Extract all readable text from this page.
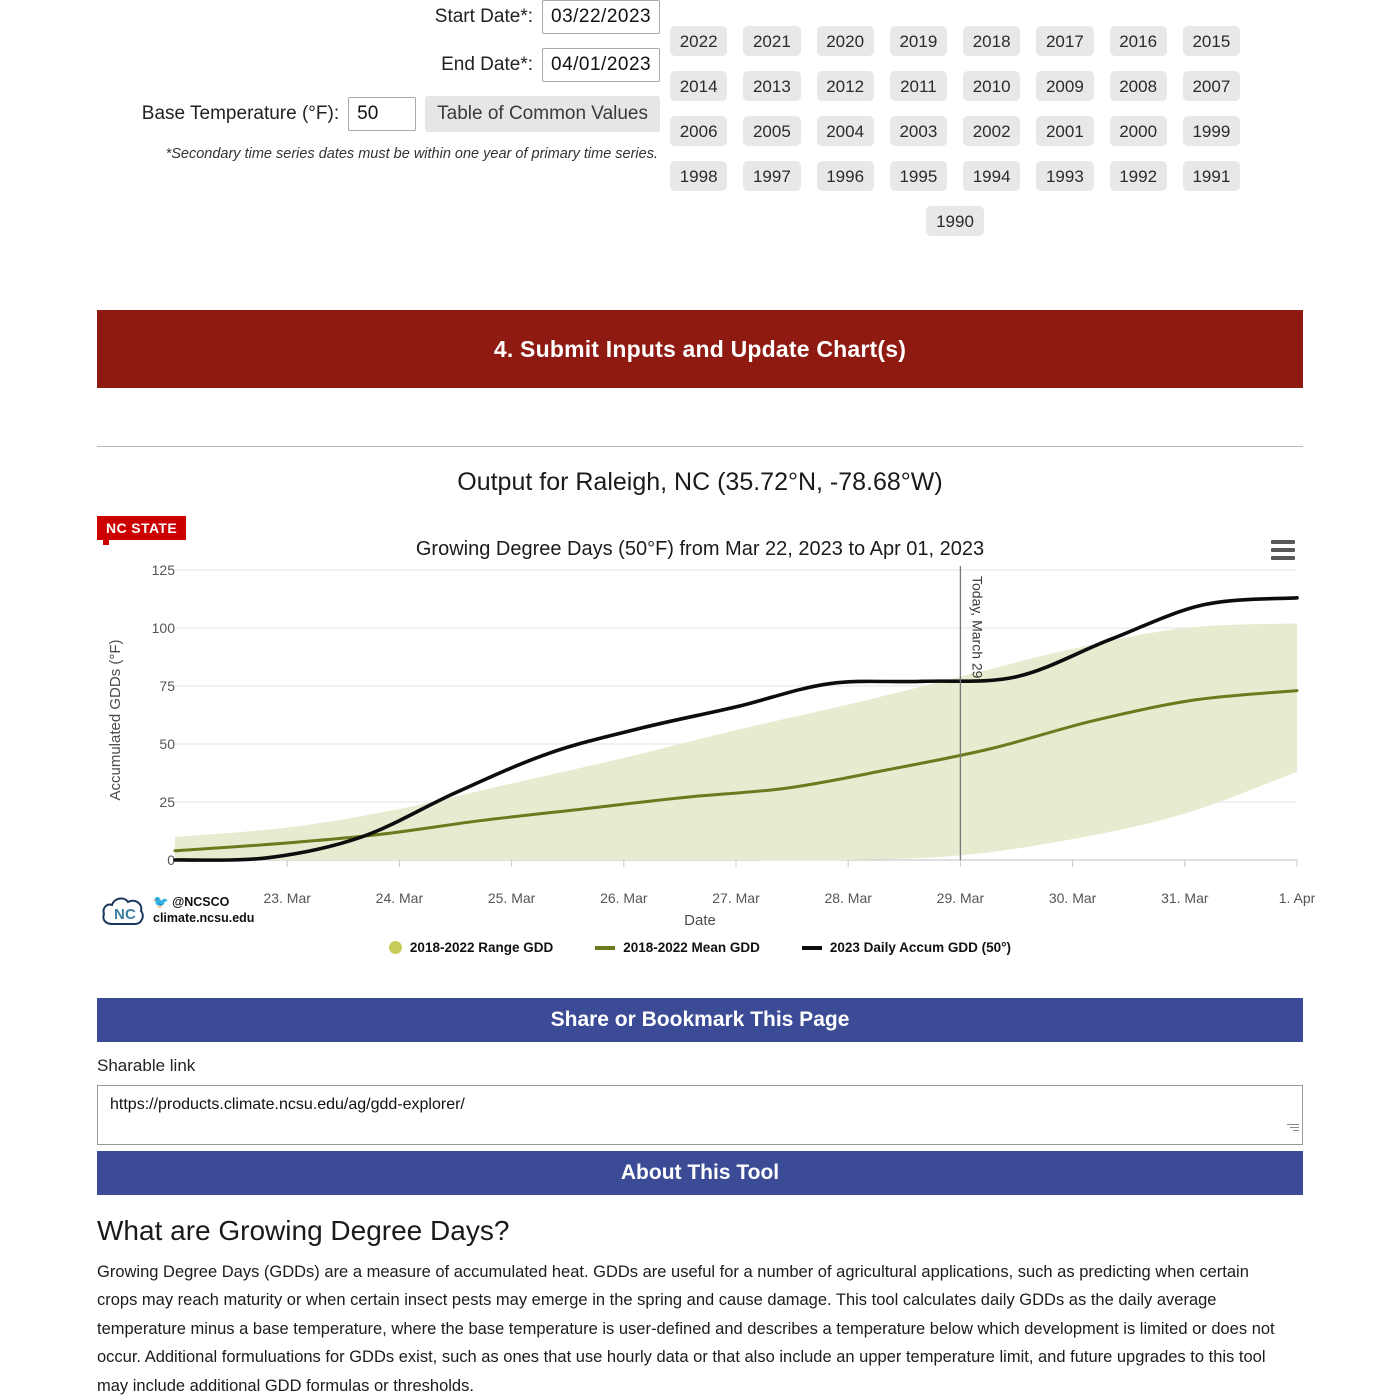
Start Date*:
03/22/2023
End Date*:
04/01/2023
Base Temperature (°F):
50	Table of Common Values
*Secondary time series dates must be within one year of primary time series.
2022	2021	2020	2019	2018	2017	2016	2015
2014	2013	2012	2011	2010	2009	2008	2007
2006	2005	2004	2003	2002	2001	2000	1999
1998	1997	1996	1995	1994	1993	1992	1991
1990
4. Submit Inputs and Update Chart(s)
Output for Raleigh, NC (35.72°N, -78.68°W)
NC STATE
Growing Degree Days (50°F) from Mar 22, 2023 to Apr 01, 2023
Accumulated GDDs (°F)
0
25
50
75
100
125
Today, March 29
23. Mar	24. Mar	25. Mar	26. Mar	27. Mar	28. Mar	29. Mar	30. Mar	31. Mar	1. Apr
Date
N C
🐦 @NCSCO
climate.ncsu.edu
2018-2022 Range GDD	2018-2022 Mean GDD	2023 Daily Accum GDD (50°)
Share or Bookmark This Page
Sharable link
https://products.climate.ncsu.edu/ag/gdd-explorer/
About This Tool
What are Growing Degree Days?

Growing Degree Days (GDDs) are a measure of accumulated heat. GDDs are useful for a number of agricultural applications, such as predicting when certain crops may reach maturity or when certain insect pests may emerge in the spring and cause damage. This tool calculates daily GDDs as the daily average temperature minus a base temperature, where the base temperature is user-defined and describes a temperature below which development is limited or does not occur. Additional formuluations for GDDs exist, such as ones that use hourly data or that also include an upper temperature limit, and future upgrades to this tool may include additional GDD formulas or thresholds.
